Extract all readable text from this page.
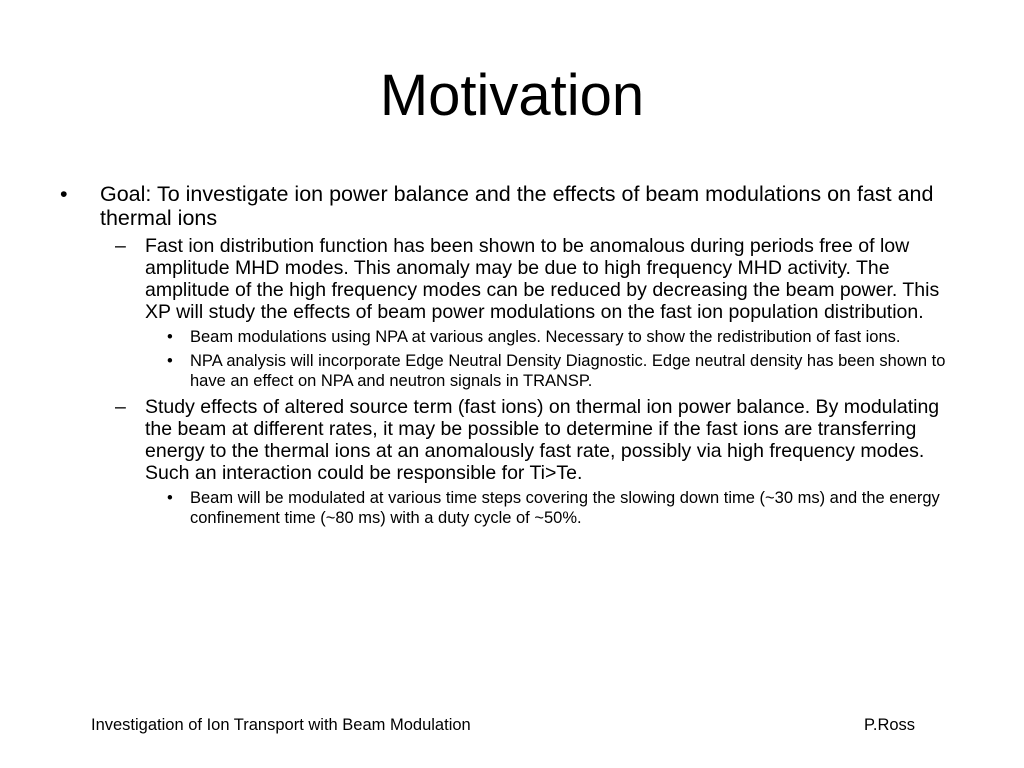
Motivation
•	Goal: To investigate ion power balance and the effects of beam modulations on fast and thermal ions
– Fast ion distribution function has been shown to be anomalous during periods free of low amplitude MHD modes. This anomaly may be due to high frequency MHD activity. The amplitude of the high frequency modes can be reduced by decreasing the beam power. This XP will study the effects of beam power modulations on the fast ion population distribution.
• Beam modulations using NPA at various angles. Necessary to show the redistribution of fast ions.
• NPA analysis will incorporate Edge Neutral Density Diagnostic. Edge neutral density has been shown to have an effect on NPA and neutron signals in TRANSP.
– Study effects of altered source term (fast ions) on thermal ion power balance. By modulating the beam at different rates, it may be possible to determine if the fast ions are transferring energy to the thermal ions at an anomalously fast rate, possibly via high frequency modes. Such an interaction could be responsible for Ti>Te.
• Beam will be modulated at various time steps covering the slowing down time (~30 ms) and the energy confinement time (~80 ms) with a duty cycle of ~50%.
Investigation of Ion Transport with Beam Modulation	P.Ross
